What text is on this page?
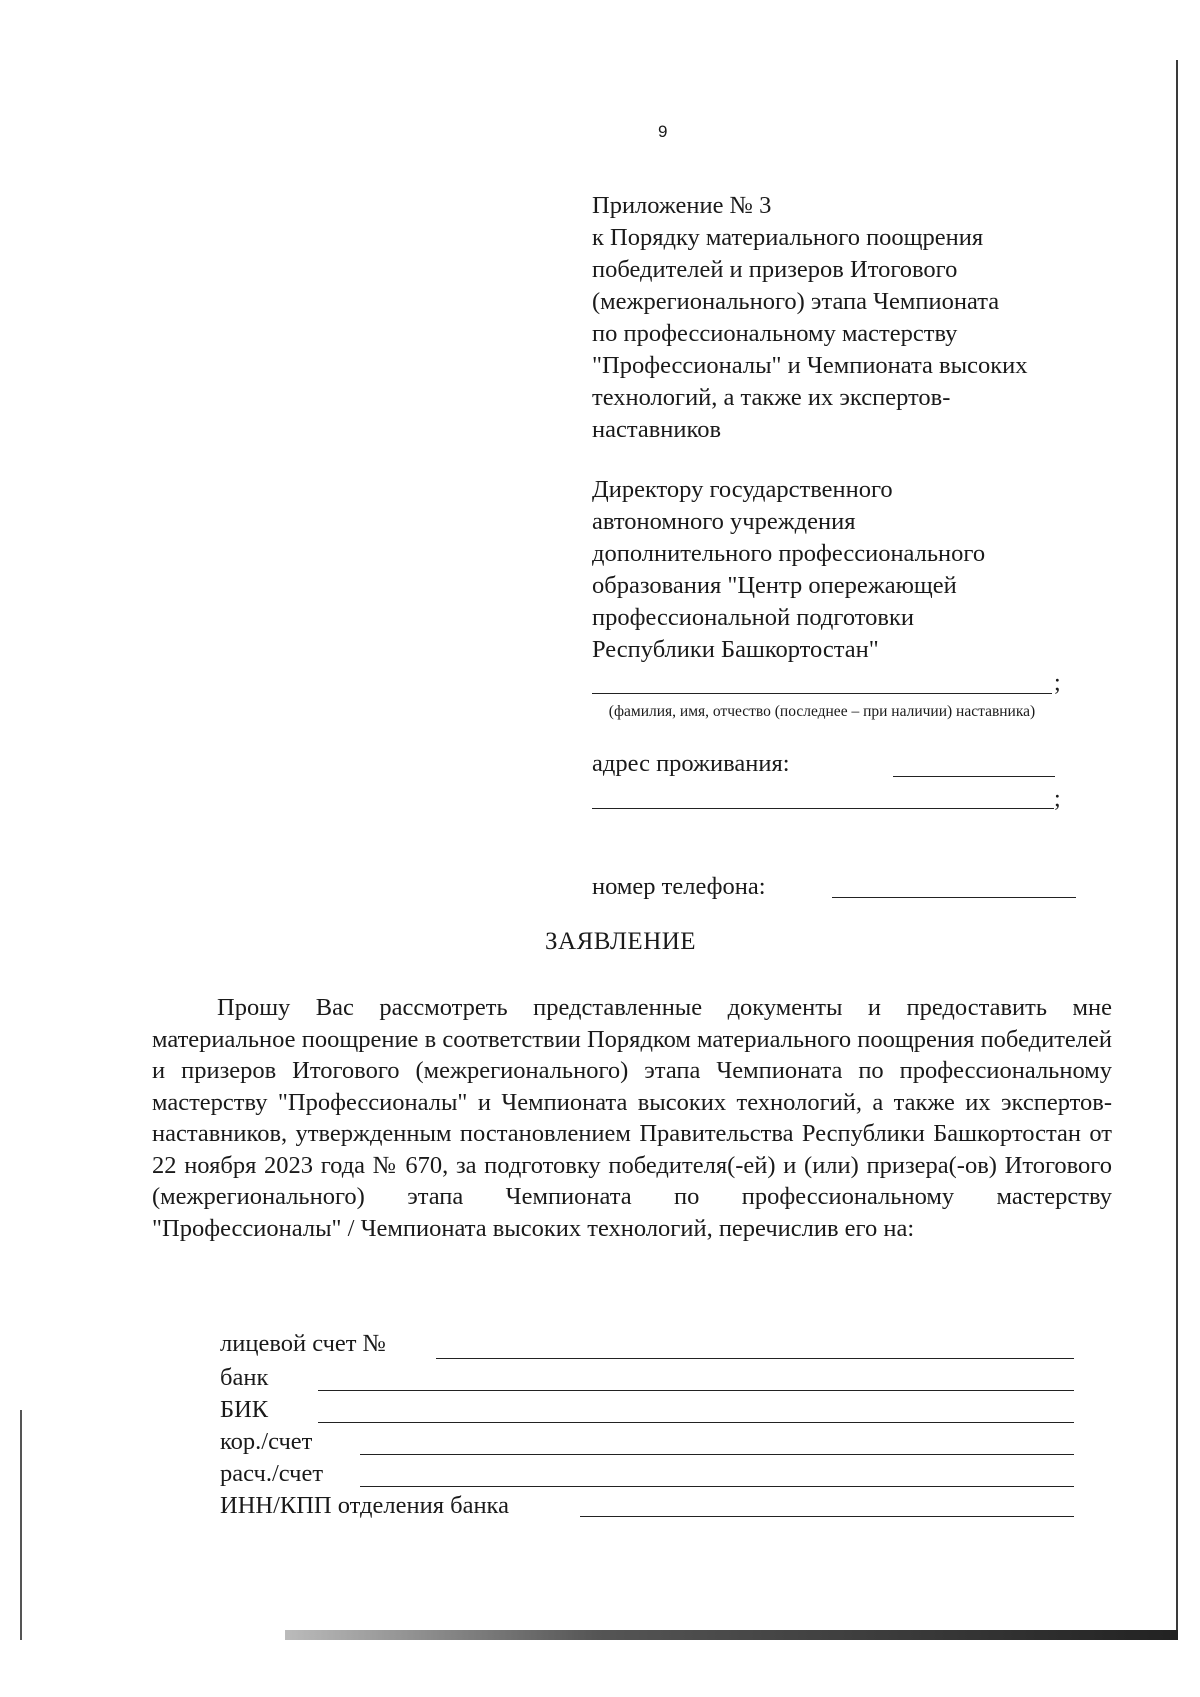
9
Приложение № 3
к Порядку материального поощрения
победителей и призеров Итогового
(межрегионального) этапа Чемпионата
по профессиональному мастерству
"Профессионалы" и Чемпионата высоких
технологий, а также их экспертов-
наставников
Директору государственного
автономного учреждения
дополнительного профессионального
образования "Центр опережающей
профессиональной подготовки
Республики Башкортостан"
;
(фамилия, имя, отчество (последнее – при наличии) наставника)
адрес проживания:
;
номер телефона:
ЗАЯВЛЕНИЕ

Прошу Вас рассмотреть представленные документы и предоставить мне материальное поощрение в соответствии Порядком материального поощрения победителей и призеров Итогового (межрегионального) этапа Чемпионата по профессиональному мастерству "Профессионалы" и Чемпионата высоких технологий, а также их экспертов-наставников, утвержденным постановлением Правительства Республики Башкортостан от 22 ноября 2023 года № 670, за подготовку победителя(-ей) и (или) призера(-ов) Итогового (межрегионального) этапа Чемпионата по профессиональному мастерству "Профессионалы" / Чемпионата высоких технологий, перечислив его на:

лицевой счет №
банк
БИК
кор./счет
расч./счет
ИНН/КПП отделения банка
